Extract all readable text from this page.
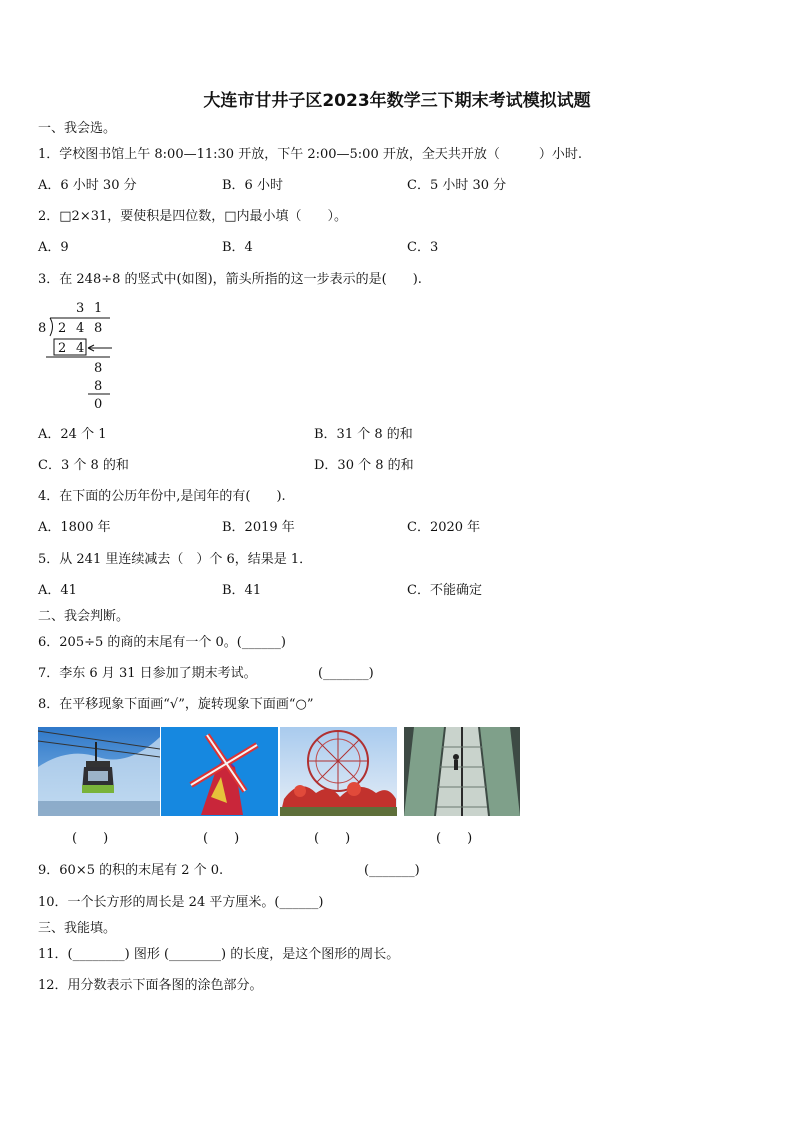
大连市甘井子区2023年数学三下期末考试模拟试题
一、我会选。
1．学校图书馆上午 8:00—11:30 开放，下午 2:00—5:00 开放，全天共开放（　　　）小时.
A．6 小时 30 分	B．6 小时	C．5 小时 30 分
2．□2×31，要使积是四位数，□内最小填（　　）。
A．9	B．4	C．3
3．在 248÷8 的竖式中(如图)，箭头所指的这一步表示的是(　　).
3 1
8 2 4 8
2 4
8
8
0
A．24 个 1	B．31 个 8 的和
C．3 个 8 的和	D．30 个 8 的和
4．在下面的公历年份中,是闰年的有(　　).
A．1800 年	B．2019 年	C．2020 年
5．从 241 里连续减去（　）个 6，结果是 1．
A．41	B．41	C．不能确定
二、我会判断。
6．205÷5 的商的末尾有一个 0。(______)
7．李东 6 月 31 日参加了期末考试。	(_______)
8．在平移现象下面画“√”，旋转现象下面画“○”
(　　)	(　　)	(　　)	(　　)
9．60×5 的积的末尾有 2 个 0.	(_______)
10．一个长方形的周长是 24 平方厘米。(______)
三、我能填。
11．(________) 图形 (________) 的长度，是这个图形的周长。
12．用分数表示下面各图的涂色部分。
